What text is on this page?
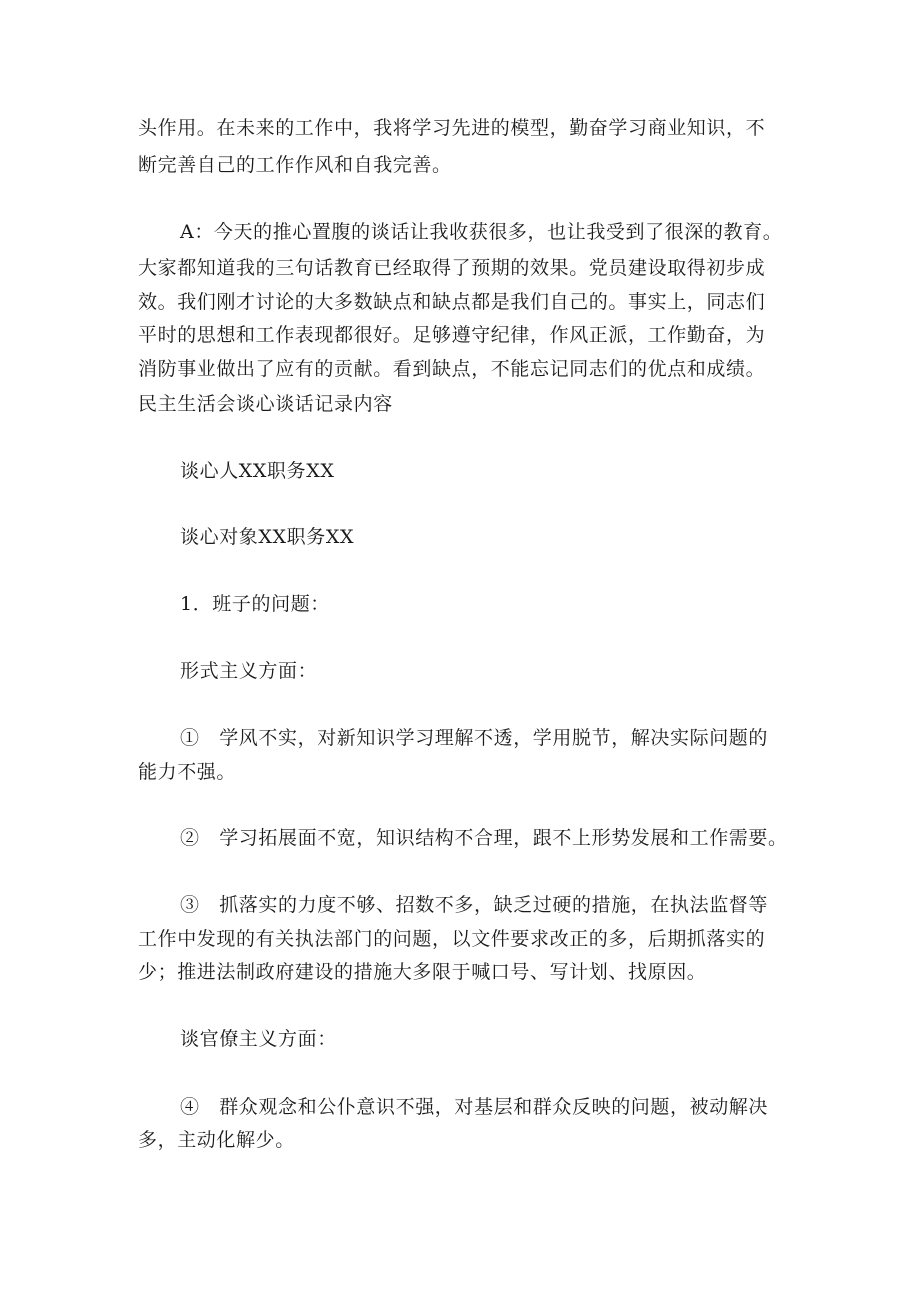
头作用。在未来的工作中，我将学习先进的模型，勤奋学习商业知识，不
断完善自己的工作作风和自我完善。
A：今天的推心置腹的谈话让我收获很多，也让我受到了很深的教育。
大家都知道我的三句话教育已经取得了预期的效果。党员建设取得初步成
效。我们刚才讨论的大多数缺点和缺点都是我们自己的。事实上，同志们
平时的思想和工作表现都很好。足够遵守纪律，作风正派，工作勤奋，为
消防事业做出了应有的贡献。看到缺点，不能忘记同志们的优点和成绩。
民主生活会谈心谈话记录内容
谈心人XX职务XX
谈心对象XX职务XX
1．班子的问题：
形式主义方面：
①　学风不实，对新知识学习理解不透，学用脱节，解决实际问题的
能力不强。
②　学习拓展面不宽，知识结构不合理，跟不上形势发展和工作需要。
③　抓落实的力度不够、招数不多，缺乏过硬的措施，在执法监督等
工作中发现的有关执法部门的问题，以文件要求改正的多，后期抓落实的
少；推进法制政府建设的措施大多限于喊口号、写计划、找原因。
谈官僚主义方面：
④　群众观念和公仆意识不强，对基层和群众反映的问题，被动解决
多，主动化解少。
